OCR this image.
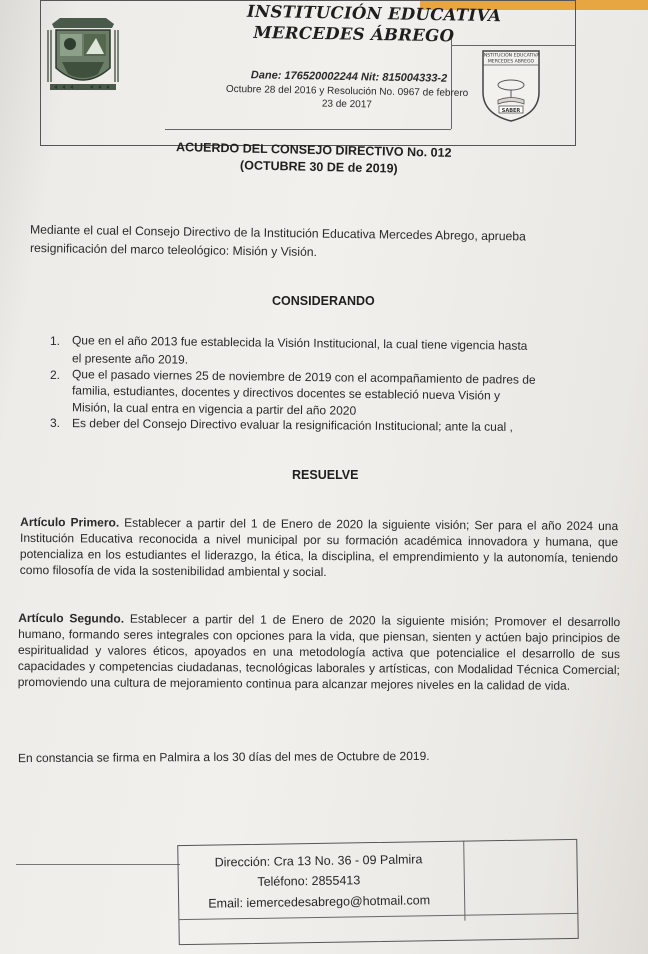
INSTITUCIÓN EDUCATIVA
MERCEDES ÁBREGO
Dane: 176520002244 Nit: 815004333-2
Octubre 28 del 2016 y Resolución No. 0967 de febrero
23 de 2017
INSTITUCIÓN EDUCATIVA
MERCEDES ABREGO
SABER
ACUERDO DEL CONSEJO DIRECTIVO No. 012
(OCTUBRE 30 DE de 2019)
Mediante el cual el Consejo Directivo de la Institución Educativa Mercedes Abrego, aprueba
resignificación del marco teleológico: Misión y Visión.
CONSIDERANDO
1. Que en el año 2013 fue establecida la Visión Institucional, la cual tiene vigencia hasta
el presente año 2019.
2. Que el pasado viernes 25 de noviembre de 2019 con el acompañamiento de padres de
familia, estudiantes, docentes y directivos docentes se estableció nueva Visión y
Misión, la cual entra en vigencia a partir del año 2020
3. Es deber del Consejo Directivo evaluar la resignificación Institucional; ante la cual ,
RESUELVE
Artículo Primero. Establecer a partir del 1 de Enero de 2020 la siguiente visión; Ser para el año 2024 una Institución Educativa reconocida a nivel municipal por su formación académica innovadora y humana, que potencializa en los estudiantes el liderazgo, la ética, la disciplina, el emprendimiento y la autonomía, teniendo como filosofía de vida la sostenibilidad ambiental y social.
Artículo Segundo. Establecer a partir del 1 de Enero de 2020 la siguiente misión; Promover el desarrollo humano, formando seres integrales con opciones para la vida, que piensan, sienten y actúen bajo principios de espiritualidad y valores éticos, apoyados en una metodología activa que potencialice el desarrollo de sus capacidades y competencias ciudadanas, tecnológicas laborales y artísticas, con Modalidad Técnica Comercial; promoviendo una cultura de mejoramiento continua para alcanzar mejores niveles en la calidad de vida.
En constancia se firma en Palmira a los 30 días del mes de Octubre de 2019.
Dirección: Cra 13 No. 36 - 09 Palmira
Teléfono: 2855413
Email: iemercedesabrego@hotmail.com
